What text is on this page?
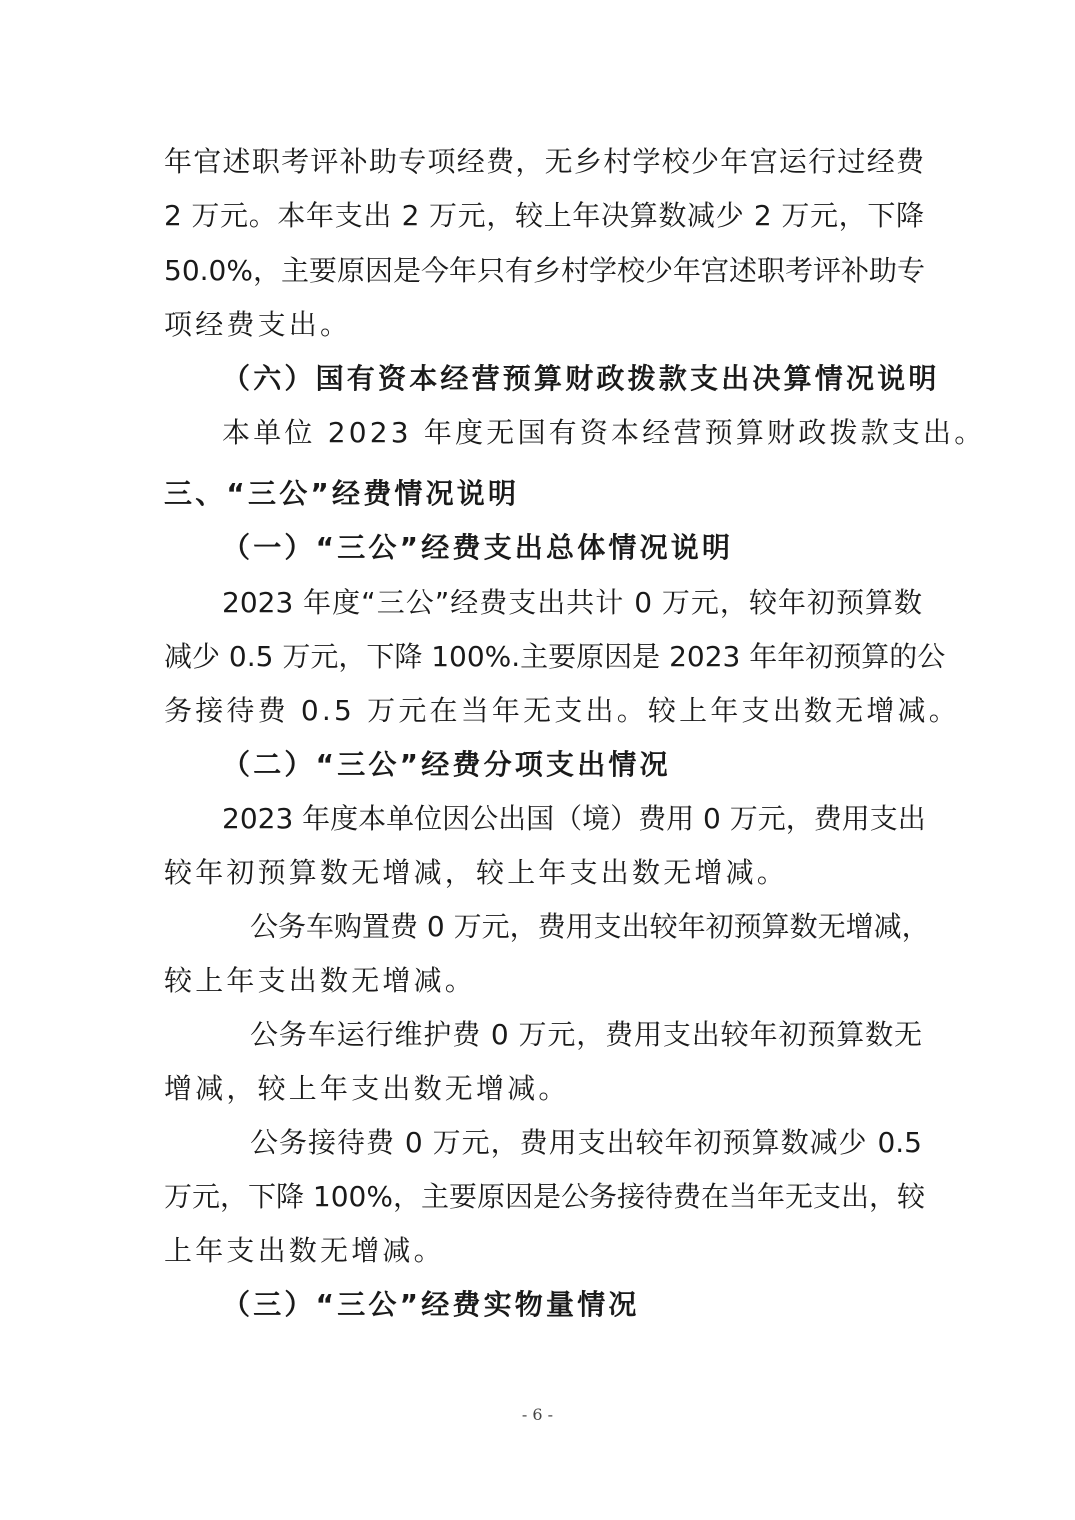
年官述职考评补助专项经费，无乡村学校少年宫运行过经费
2 万元。本年支出 2 万元，较上年决算数减少 2 万元，下降
50.0%，主要原因是今年只有乡村学校少年宫述职考评补助专
项经费支出。
（六）国有资本经营预算财政拨款支出决算情况说明
本单位 2023 年度无国有资本经营预算财政拨款支出。
三、“三公”经费情况说明
（一）“三公”经费支出总体情况说明
2023 年度“三公”经费支出共计 0 万元，较年初预算数
减少 0.5 万元，下降 100%.主要原因是 2023 年年初预算的公
务接待费 0.5 万元在当年无支出。较上年支出数无增减。
（二）“三公”经费分项支出情况
2023 年度本单位因公出国（境）费用 0 万元，费用支出
较年初预算数无增减，较上年支出数无增减。
公务车购置费 0 万元，费用支出较年初预算数无增减，
较上年支出数无增减。
公务车运行维护费 0 万元，费用支出较年初预算数无
增减，较上年支出数无增减。
公务接待费 0 万元，费用支出较年初预算数减少 0.5
万元，下降 100%，主要原因是公务接待费在当年无支出，较
上年支出数无增减。
（三）“三公”经费实物量情况
- 6 -
